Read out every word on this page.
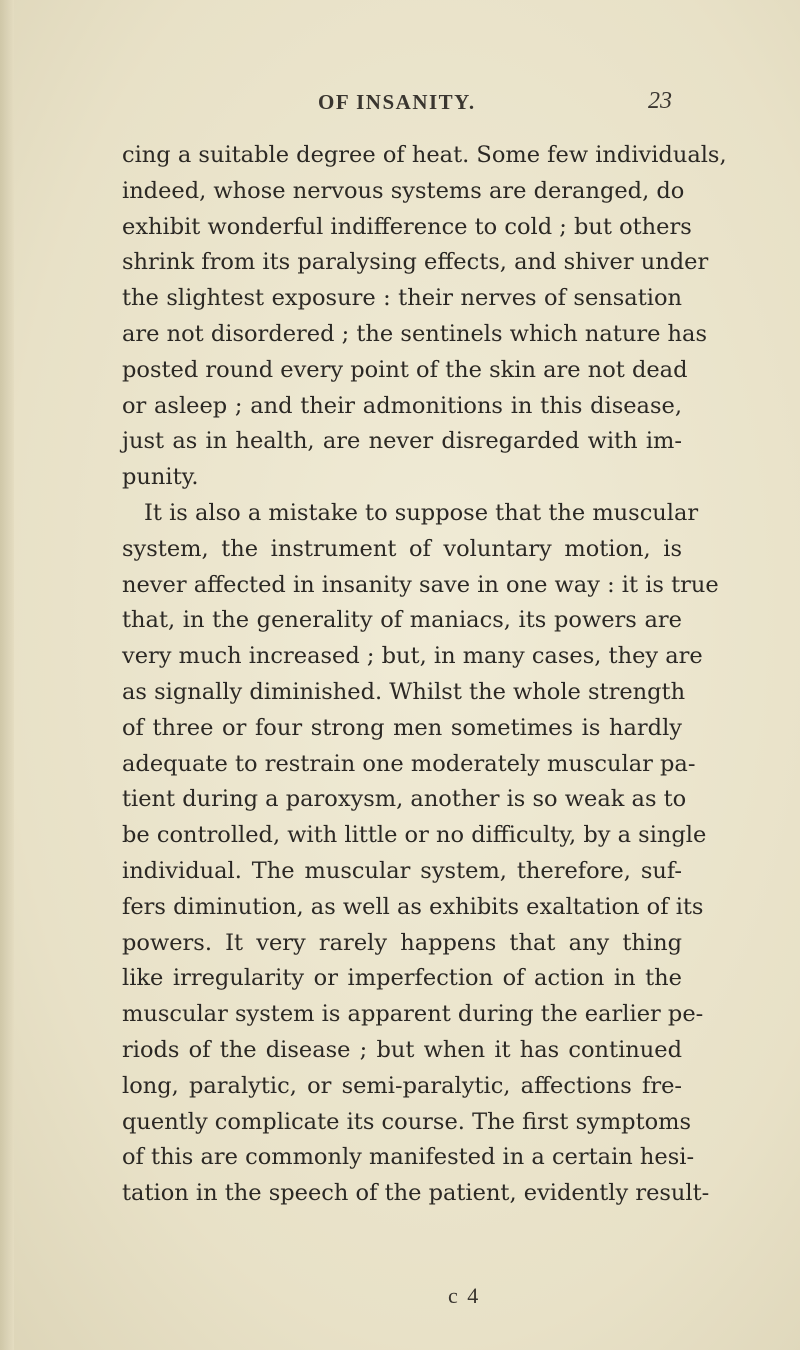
OF INSANITY.	23
cing a suitable degree of heat. Some few individuals,
indeed, whose nervous systems are deranged, do
exhibit wonderful indifference to cold ; but others
shrink from its paralysing effects, and shiver under
the slightest exposure : their nerves of sensation
are not disordered ; the sentinels which nature has
posted round every point of the skin are not dead
or asleep ; and their admonitions in this disease,
just as in health, are never disregarded with im-
punity.
It is also a mistake to suppose that the muscular
system, the instrument of voluntary motion, is
never affected in insanity save in one way : it is true
that, in the generality of maniacs, its powers are
very much increased ; but, in many cases, they are
as signally diminished. Whilst the whole strength
of three or four strong men sometimes is hardly
adequate to restrain one moderately muscular pa-
tient during a paroxysm, another is so weak as to
be controlled, with little or no difficulty, by a single
individual. The muscular system, therefore, suf-
fers diminution, as well as exhibits exaltation of its
powers. It very rarely happens that any thing
like irregularity or imperfection of action in the
muscular system is apparent during the earlier pe-
riods of the disease ; but when it has continued
long, paralytic, or semi-paralytic, affections fre-
quently complicate its course. The first symptoms
of this are commonly manifested in a certain hesi-
tation in the speech of the patient, evidently result-
c 4
